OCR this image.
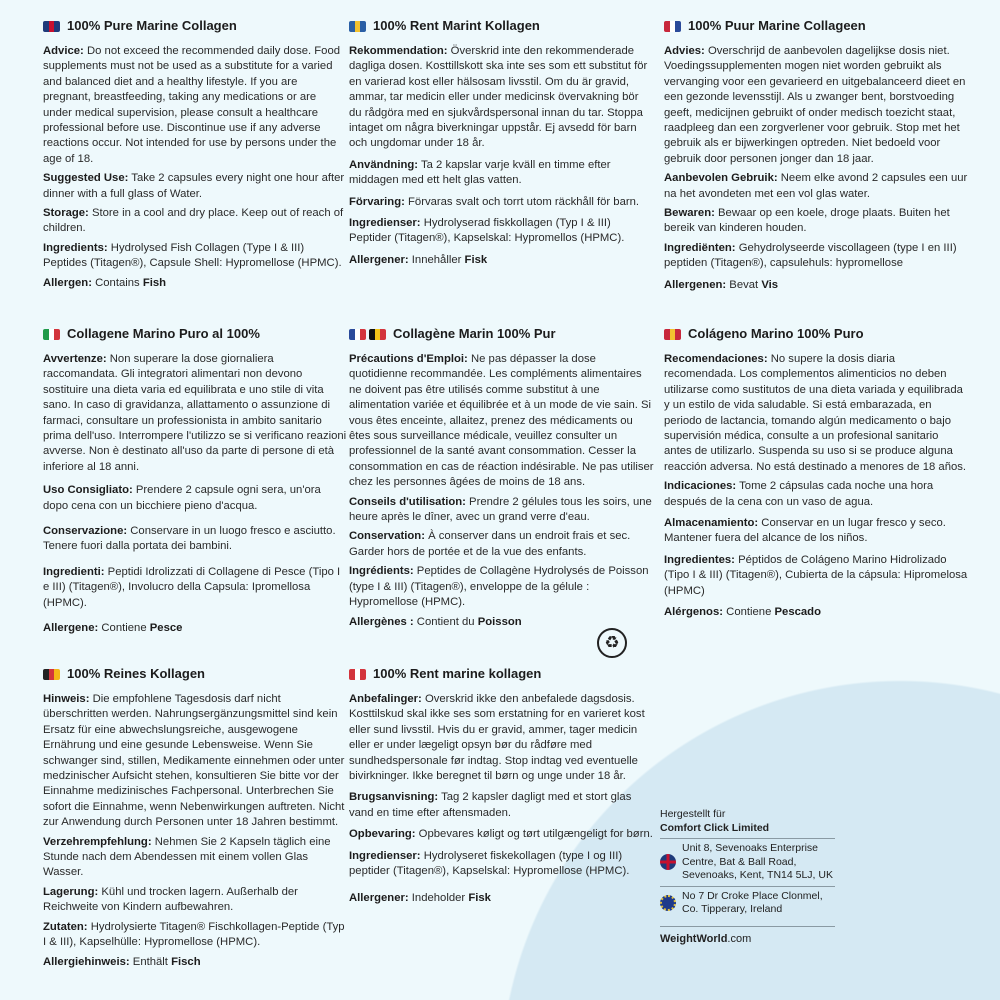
100% Pure Marine Collagen

Advice: Do not exceed the recommended daily dose. Food supplements must not be used as a substitute for a varied and balanced diet and a healthy lifestyle. If you are pregnant, breastfeeding, taking any medications or are under medical supervision, please consult a healthcare professional before use. Discontinue use if any adverse reactions occur. Not intended for use by persons under the age of 18.

Suggested Use: Take 2 capsules every night one hour after dinner with a full glass of Water.

Storage: Store in a cool and dry place. Keep out of reach of children.

Ingredients: Hydrolysed Fish Collagen (Type I & III) Peptides (Titagen®), Capsule Shell: Hypromellose (HPMC).

Allergen: Contains Fish

100% Rent Marint Kollagen

Rekommendation: Överskrid inte den rekommenderade dagliga dosen. Kosttillskott ska inte ses som ett substitut för en varierad kost eller hälsosam livsstil. Om du är gravid, ammar, tar medicin eller under medicinsk övervakning bör du rådgöra med en sjukvårdspersonal innan du tar. Stoppa intaget om några biverkningar uppstår. Ej avsedd för barn och ungdomar under 18 år.

Användning: Ta 2 kapslar varje kväll en timme efter middagen med ett helt glas vatten.

Förvaring: Förvaras svalt och torrt utom räckhåll för barn.

Ingredienser: Hydrolyserad fiskkollagen (Typ I & III) Peptider (Titagen®), Kapselskal: Hypromellos (HPMC).

Allergener: Innehåller Fisk

100% Puur Marine Collageen

Advies: Overschrijd de aanbevolen dagelijkse dosis niet. Voedingssupplementen mogen niet worden gebruikt als vervanging voor een gevarieerd en uitgebalanceerd dieet en een gezonde levensstijl. Als u zwanger bent, borstvoeding geeft, medicijnen gebruikt of onder medisch toezicht staat, raadpleeg dan een zorgverlener voor gebruik. Stop met het gebruik als er bijwerkingen optreden. Niet bedoeld voor gebruik door personen jonger dan 18 jaar.

Aanbevolen Gebruik: Neem elke avond 2 capsules een uur na het avondeten met een vol glas water.

Bewaren: Bewaar op een koele, droge plaats. Buiten het bereik van kinderen houden.

Ingrediënten: Gehydrolyseerde viscollageen (type I en III) peptiden (Titagen®), capsulehuls: hypromellose

Allergenen: Bevat Vis

Collagene Marino Puro al 100%

Avvertenze: Non superare la dose giornaliera raccomandata. Gli integratori alimentari non devono sostituire una dieta varia ed equilibrata e uno stile di vita sano. In caso di gravidanza, allattamento o assunzione di farmaci, consultare un professionista in ambito sanitario prima dell'uso. Interrompere l'utilizzo se si verificano reazioni avverse. Non è destinato all'uso da parte di persone di età inferiore al 18 anni.

Uso Consigliato: Prendere 2 capsule ogni sera, un'ora dopo cena con un bicchiere pieno d'acqua.

Conservazione: Conservare in un luogo fresco e asciutto. Tenere fuori dalla portata dei bambini.

Ingredienti: Peptidi Idrolizzati di Collagene di Pesce (Tipo I e III) (Titagen®), Involucro della Capsula: Ipromellosa (HPMC).

Allergene: Contiene Pesce

Collagène Marin 100% Pur

Précautions d'Emploi: Ne pas dépasser la dose quotidienne recommandée. Les compléments alimentaires ne doivent pas être utilisés comme substitut à une alimentation variée et équilibrée et à un mode de vie sain. Si vous êtes enceinte, allaitez, prenez des médicaments ou êtes sous surveillance médicale, veuillez consulter un professionnel de la santé avant consommation. Cesser la consommation en cas de réaction indésirable. Ne pas utiliser chez les personnes âgées de moins de 18 ans.

Conseils d'utilisation: Prendre 2 gélules tous les soirs, une heure après le dîner, avec un grand verre d'eau.

Conservation: À conserver dans un endroit frais et sec. Garder hors de portée et de la vue des enfants.

Ingrédients: Peptides de Collagène Hydrolysés de Poisson (type I & III) (Titagen®), enveloppe de la gélule : Hypromellose (HPMC).

Allergènes : Contient du Poisson

Colágeno Marino 100% Puro

Recomendaciones: No supere la dosis diaria recomendada. Los complementos alimenticios no deben utilizarse como sustitutos de una dieta variada y equilibrada y un estilo de vida saludable. Si está embarazada, en periodo de lactancia, tomando algún medicamento o bajo supervisión médica, consulte a un profesional sanitario antes de utilizarlo. Suspenda su uso si se produce alguna reacción adversa. No está destinado a menores de 18 años.

Indicaciones: Tome 2 cápsulas cada noche una hora después de la cena con un vaso de agua.

Almacenamiento: Conservar en un lugar fresco y seco. Mantener fuera del alcance de los niños.

Ingredientes: Péptidos de Colágeno Marino Hidrolizado (Tipo I & III) (Titagen®), Cubierta de la cápsula: Hipromelosa (HPMC)

Alérgenos: Contiene Pescado

100% Reines Kollagen

Hinweis: Die empfohlene Tagesdosis darf nicht überschritten werden. Nahrungsergänzungsmittel sind kein Ersatz für eine abwechslungsreiche, ausgewogene Ernährung und eine gesunde Lebensweise. Wenn Sie schwanger sind, stillen, Medikamente einnehmen oder unter medzinischer Aufsicht stehen, konsultieren Sie bitte vor der Einnahme medizinisches Fachpersonal. Unterbrechen Sie sofort die Einnahme, wenn Nebenwirkungen auftreten. Nicht zur Anwendung durch Personen unter 18 Jahren bestimmt.

Verzehrempfehlung: Nehmen Sie 2 Kapseln täglich eine Stunde nach dem Abendessen mit einem vollen Glas Wasser.

Lagerung: Kühl und trocken lagern. Außerhalb der Reichweite von Kindern aufbewahren.

Zutaten: Hydrolysierte Titagen® Fischkollagen-Peptide (Typ I & III), Kapselhülle: Hypromellose (HPMC).

Allergiehinweis: Enthält Fisch

100% Rent marine kollagen

Anbefalinger: Overskrid ikke den anbefalede dagsdosis. Kosttilskud skal ikke ses som erstatning for en varieret kost eller sund livsstil. Hvis du er gravid, ammer, tager medicin eller er under lægeligt opsyn bør du rådføre med sundhedspersonale før indtag. Stop indtag ved eventuelle bivirkninger. Ikke beregnet til børn og unge under 18 år.

Brugsanvisning: Tag 2 kapsler dagligt med et stort glas vand en time efter aftensmaden.

Opbevaring: Opbevares køligt og tørt utilgængeligt for børn.

Ingredienser: Hydrolyseret fiskekollagen (type I og III) peptider (Titagen®), Kapselskal: Hypromellose (HPMC).

Allergener: Indeholder Fisk

♻
Hergestellt für
Comfort Click Limited
Unit 8, Sevenoaks Enterprise Centre, Bat & Ball Road, Sevenoaks, Kent, TN14 5LJ, UK
No 7 Dr Croke Place Clonmel, Co. Tipperary, Ireland
WeightWorld.com
